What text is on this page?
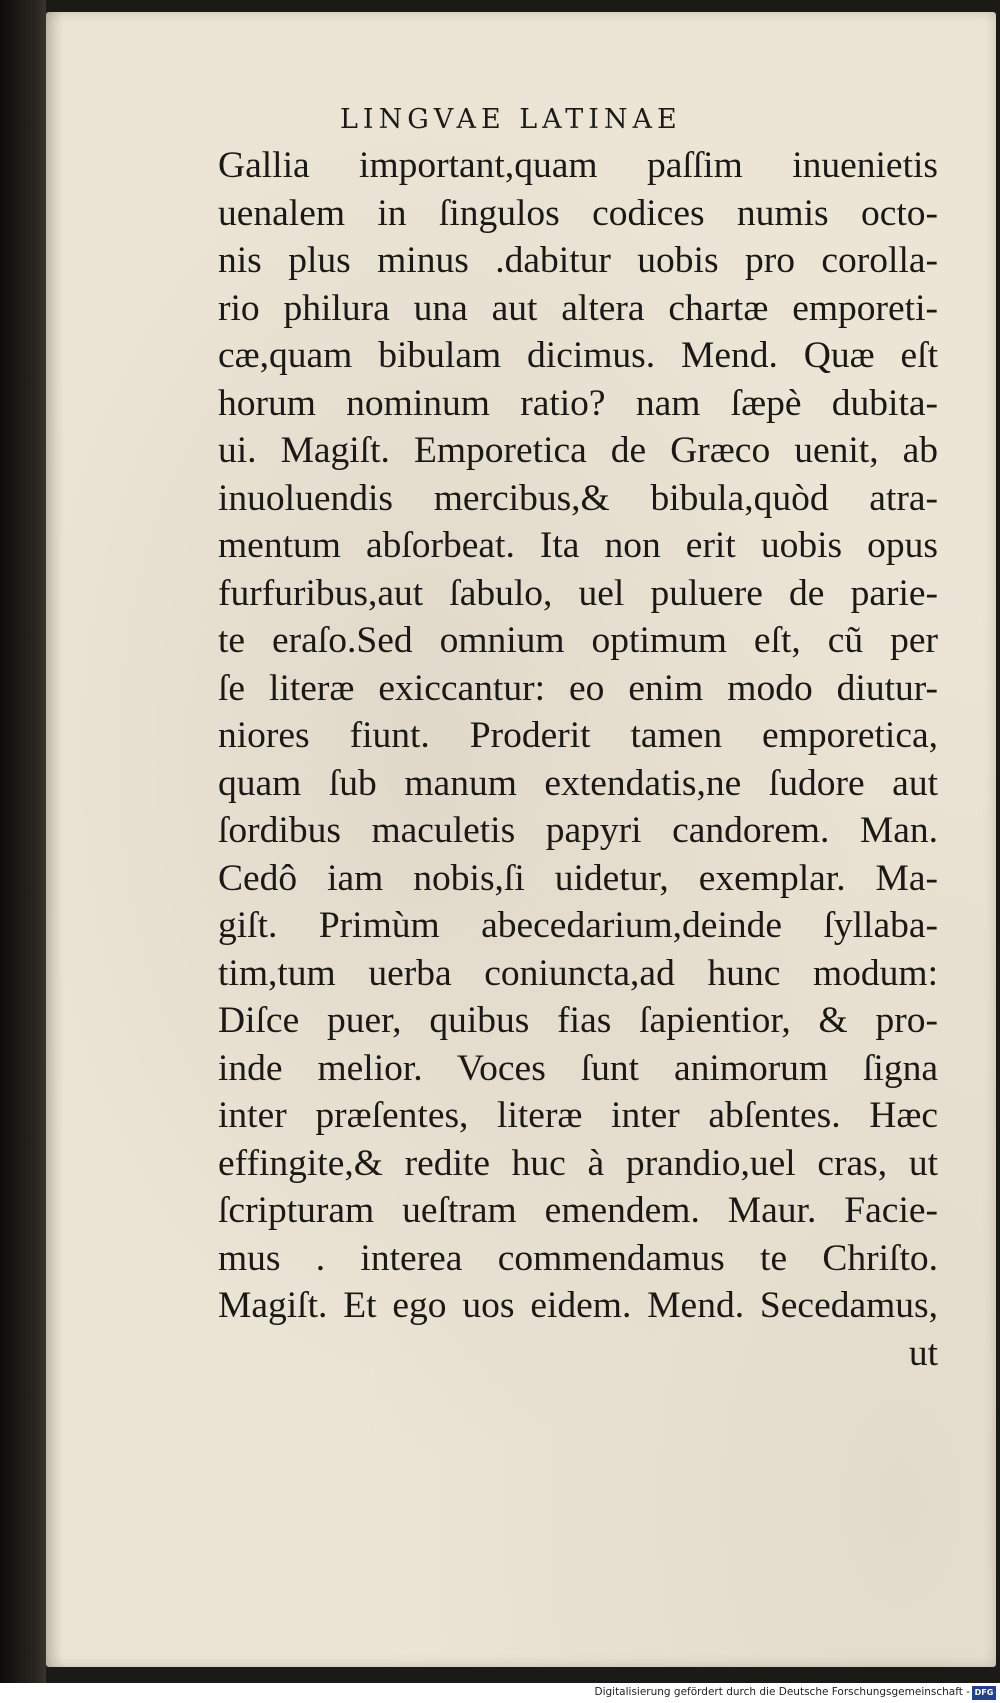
LINGVAE LATINAE
Gallia important,quam paſſim inuenietis
uenalem in ſingulos codices numis octo-
nis plus minus .dabitur uobis pro corolla-
rio philura una aut altera chartæ emporeti-
cæ,quam bibulam dicimus. Mend. Quæ eſt
horum nominum ratio? nam ſæpè dubita-
ui. Magiſt. Emporetica de Græco uenit, ab
inuoluendis mercibus,& bibula,quòd atra-
mentum abſorbeat. Ita non erit uobis opus
furfuribus,aut ſabulo, uel puluere de parie-
te eraſo.Sed omnium optimum eſt, cũ per
ſe literæ exiccantur: eo enim modo diutur-
niores fiunt. Proderit tamen emporetica,
quam ſub manum extendatis,ne ſudore aut
ſordibus maculetis papyri candorem. Man.
Cedô iam nobis,ſi uidetur, exemplar. Ma-
giſt. Primùm abecedarium,deinde ſyllaba-
tim,tum uerba coniuncta,ad hunc modum:
Diſce puer, quibus fias ſapientior, & pro-
inde melior. Voces ſunt animorum ſigna
inter præſentes, literæ inter abſentes. Hæc
effingite,& redite huc à prandio,uel cras, ut
ſcripturam ueſtram emendem. Maur. Facie-
mus . interea commendamus te Chriſto.
Magiſt. Et ego uos eidem. Mend. Secedamus,
ut
Digitalisierung gefördert durch die Deutsche Forschungsgemeinschaft - DFG
